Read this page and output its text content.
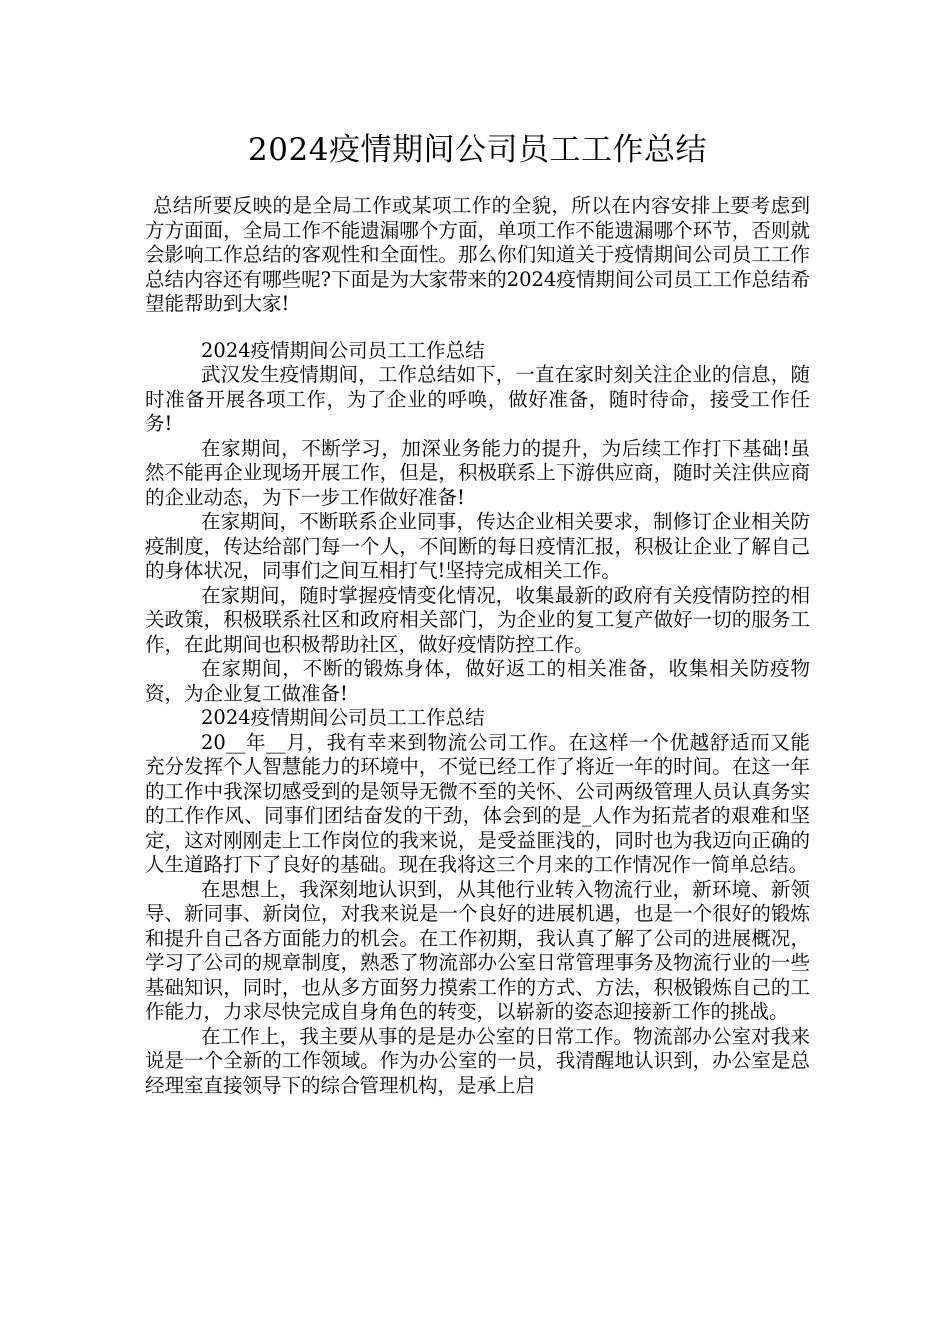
2024疫情期间公司员工工作总结

总结所要反映的是全局工作或某项工作的全貌，所以在内容安排上要考虑到方方面面，全局工作不能遗漏哪个方面，单项工作不能遗漏哪个环节，否则就会影响工作总结的客观性和全面性。那么你们知道关于疫情期间公司员工工作总结内容还有哪些呢?下面是为大家带来的2024疫情期间公司员工工作总结希望能帮助到大家!

2024疫情期间公司员工工作总结

武汉发生疫情期间，工作总结如下，一直在家时刻关注企业的信息，随时准备开展各项工作，为了企业的呼唤，做好准备，随时待命，接受工作任务!

在家期间，不断学习，加深业务能力的提升，为后续工作打下基础!虽然不能再企业现场开展工作，但是，积极联系上下游供应商，随时关注供应商的企业动态，为下一步工作做好准备!

在家期间，不断联系企业同事，传达企业相关要求，制修订企业相关防疫制度，传达给部门每一个人，不间断的每日疫情汇报，积极让企业了解自己的身体状况，同事们之间互相打气!坚持完成相关工作。

在家期间，随时掌握疫情变化情况，收集最新的政府有关疫情防控的相关政策，积极联系社区和政府相关部门，为企业的复工复产做好一切的服务工作，在此期间也积极帮助社区，做好疫情防控工作。

在家期间，不断的锻炼身体，做好返工的相关准备，收集相关防疫物资，为企业复工做准备!

2024疫情期间公司员工工作总结

20__年__月，我有幸来到物流公司工作。在这样一个优越舒适而又能充分发挥个人智慧能力的环境中，不觉已经工作了将近一年的时间。在这一年的工作中我深切感受到的是领导无微不至的关怀、公司两级管理人员认真务实的工作作风、同事们团结奋发的干劲，体会到的是_人作为拓荒者的艰难和坚定，这对刚刚走上工作岗位的我来说，是受益匪浅的，同时也为我迈向正确的人生道路打下了良好的基础。现在我将这三个月来的工作情况作一简单总结。

在思想上，我深刻地认识到，从其他行业转入物流行业，新环境、新领导、新同事、新岗位，对我来说是一个良好的进展机遇，也是一个很好的锻炼和提升自己各方面能力的机会。在工作初期，我认真了解了公司的进展概况，学习了公司的规章制度，熟悉了物流部办公室日常管理事务及物流行业的一些基础知识，同时，也从多方面努力摸索工作的方式、方法，积极锻炼自己的工作能力，力求尽快完成自身角色的转变，以崭新的姿态迎接新工作的挑战。

在工作上，我主要从事的是是办公室的日常工作。物流部办公室对我来说是一个全新的工作领域。作为办公室的一员，我清醒地认识到，办公室是总经理室直接领导下的综合管理机构，是承上启
